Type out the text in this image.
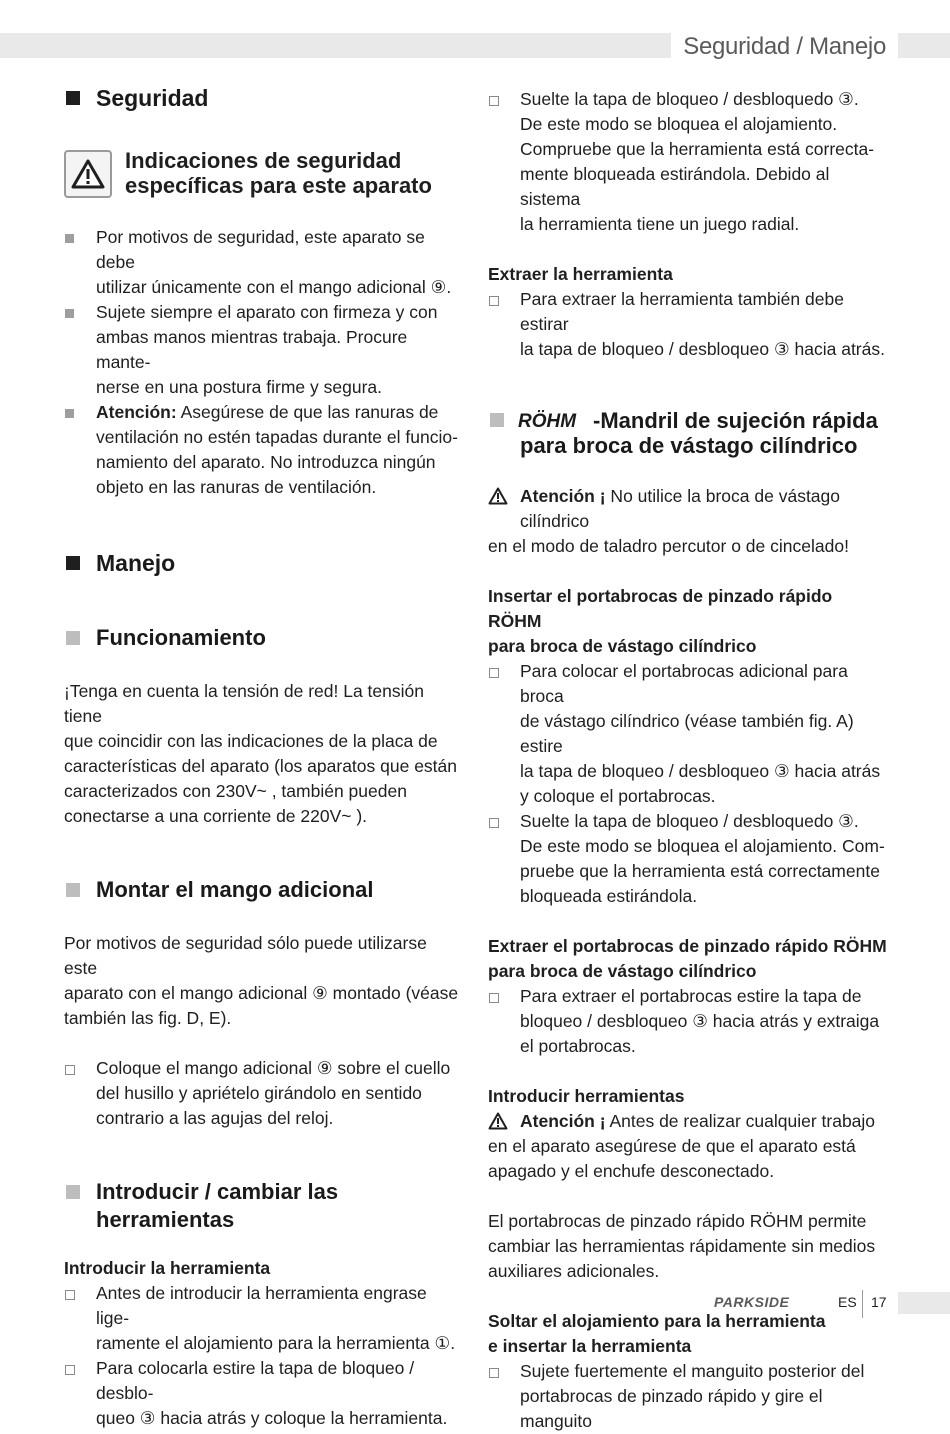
Seguridad / Manejo
Seguridad
Indicaciones de seguridad
específicas para este aparato
Por motivos de seguridad, este aparato se debe
utilizar únicamente con el mango adicional ⑨.
Sujete siempre el aparato con firmeza y con
ambas manos mientras trabaja. Procure mante-
nerse en una postura firme y segura.
Atención: Asegúrese de que las ranuras de
ventilación no estén tapadas durante el funcio-
namiento del aparato. No introduzca ningún
objeto en las ranuras de ventilación.
Manejo
Funcionamiento
¡Tenga en cuenta la tensión de red! La tensión tiene
que coincidir con las indicaciones de la placa de
características del aparato (los aparatos que están
caracterizados con 230V~ , también pueden
conectarse a una corriente de 220V~ ).
Montar el mango adicional
Por motivos de seguridad sólo puede utilizarse este
aparato con el mango adicional ⑨ montado (véase
también las fig. D, E).
Coloque el mango adicional ⑨ sobre el cuello
del husillo y apriételo girándolo en sentido
contrario a las agujas del reloj.
Introducir / cambiar las herramientas
Introducir la herramienta
Antes de introducir la herramienta engrase lige-
ramente el alojamiento para la herramienta ①.
Para colocarla estire la tapa de bloqueo / desblo-
queo ③ hacia atrás y coloque la herramienta.
Suelte la tapa de bloqueo / desbloquedo ③.
De este modo se bloquea el alojamiento.
Compruebe que la herramienta está correcta-
mente bloqueada estirándola. Debido al sistema
la herramienta tiene un juego radial.
Extraer la herramienta
Para extraer la herramienta también debe estirar
la tapa de bloqueo / desbloqueo ③ hacia atrás.
RÖHM -Mandril de sujeción rápida
para broca de vástago cilíndrico
Atención ¡ No utilice la broca de vástago cilíndrico
en el modo de taladro percutor o de cincelado!
Insertar el portabrocas de pinzado rápido RÖHM
para broca de vástago cilíndrico
Para colocar el portabrocas adicional para broca
de vástago cilíndrico (véase también fig. A) estire
la tapa de bloqueo / desbloqueo ③ hacia atrás
y coloque el portabrocas.
Suelte la tapa de bloqueo / desbloquedo ③.
De este modo se bloquea el alojamiento. Com-
pruebe que la herramienta está correctamente
bloqueada estirándola.
Extraer el portabrocas de pinzado rápido RÖHM
para broca de vástago cilíndrico
Para extraer el portabrocas estire la tapa de
bloqueo / desbloqueo ③ hacia atrás y extraiga
el portabrocas.
Introducir herramientas
Atención ¡ Antes de realizar cualquier trabajo
en el aparato asegúrese de que el aparato está
apagado y el enchufe desconectado.
El portabrocas de pinzado rápido RÖHM permite
cambiar las herramientas rápidamente sin medios
auxiliares adicionales.
Soltar el alojamiento para la herramienta
e insertar la herramienta
Sujete fuertemente el manguito posterior del
portabrocas de pinzado rápido y gire el manguito
PARKSIDE	ES 17
